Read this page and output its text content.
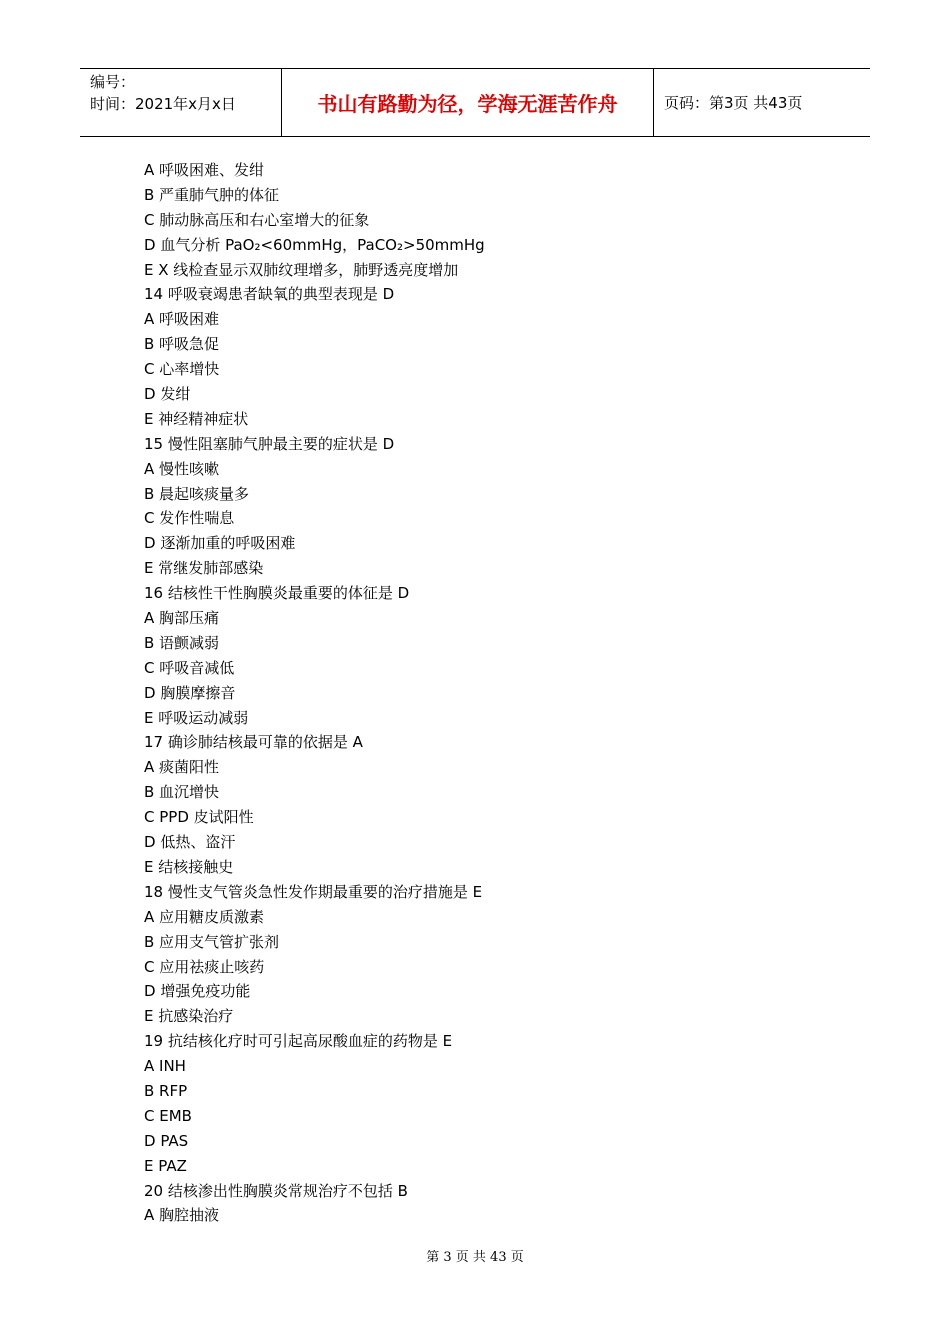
编号：
时间：2021年x月x日	书山有路勤为径，学海无涯苦作舟	页码：第3页 共43页
A 呼吸困难、发绀
B 严重肺气肿的体征
C 肺动脉高压和右心室增大的征象
D 血气分析 PaO₂<60mmHg，PaCO₂>50mmHg
E X 线检查显示双肺纹理增多，肺野透亮度增加
14 呼吸衰竭患者缺氧的典型表现是 D
A 呼吸困难
B 呼吸急促
C 心率增快
D 发绀
E 神经精神症状
15 慢性阻塞肺气肿最主要的症状是 D
A 慢性咳嗽
B 晨起咳痰量多
C 发作性喘息
D 逐渐加重的呼吸困难
E 常继发肺部感染
16 结核性干性胸膜炎最重要的体征是 D
A 胸部压痛
B 语颤减弱
C 呼吸音减低
D 胸膜摩擦音
E 呼吸运动减弱
17 确诊肺结核最可靠的依据是 A
A 痰菌阳性
B 血沉增快
C PPD 皮试阳性
D 低热、盗汗
E 结核接触史
18 慢性支气管炎急性发作期最重要的治疗措施是 E
A 应用糖皮质激素
B 应用支气管扩张剂
C 应用祛痰止咳药
D 增强免疫功能
E 抗感染治疗
19 抗结核化疗时可引起高尿酸血症的药物是 E
A INH
B RFP
C EMB
D PAS
E PAZ
20 结核渗出性胸膜炎常规治疗不包括 B
A 胸腔抽液
第 3 页 共 43 页
